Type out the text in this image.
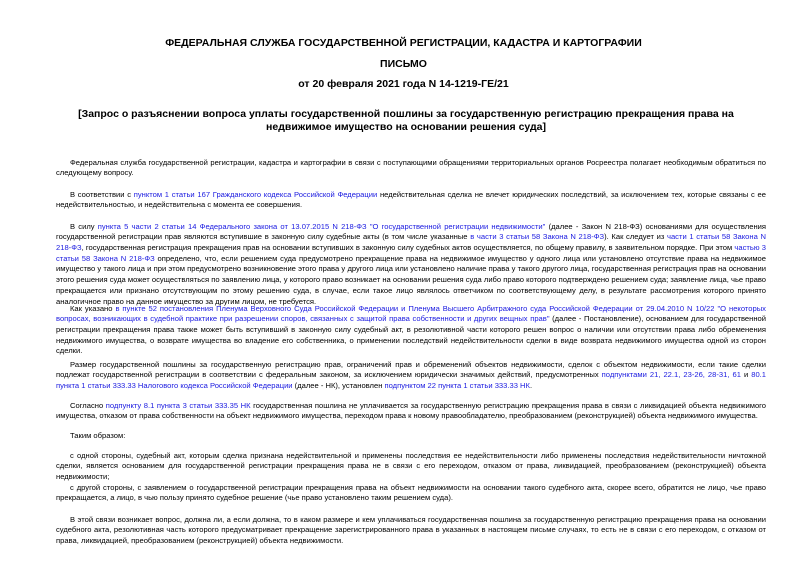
ФЕДЕРАЛЬНАЯ СЛУЖБА ГОСУДАРСТВЕННОЙ РЕГИСТРАЦИИ, КАДАСТРА И КАРТОГРАФИИ
ПИСЬМО
от 20 февраля 2021 года N 14-1219-ГЕ/21
[Запрос о разъяснении вопроса уплаты государственной пошлины за государственную регистрацию прекращения права на недвижимое имущество на основании решения суда]

Федеральная служба государственной регистрации, кадастра и картографии в связи с поступающими обращениями территориальных органов Росреестра полагает необходимым обратиться по следующему вопросу.

В соответствии с пунктом 1 статьи 167 Гражданского кодекса Российской Федерации недействительная сделка не влечет юридических последствий, за исключением тех, которые связаны с ее недействительностью, и недействительна с момента ее совершения.

В силу пункта 5 части 2 статьи 14 Федерального закона от 13.07.2015 N 218-ФЗ "О государственной регистрации недвижимости" (далее - Закон N 218-ФЗ) основаниями для осуществления государственной регистрации прав являются вступившие в законную силу судебные акты (в том числе указанные в части 3 статьи 58 Закона N 218-ФЗ). Как следует из части 1 статьи 58 Закона N 218-ФЗ, государственная регистрация прекращения прав на основании вступивших в законную силу судебных актов осуществляется, по общему правилу, в заявительном порядке. При этом частью 3 статьи 58 Закона N 218-ФЗ определено, что, если решением суда предусмотрено прекращение права на недвижимое имущество у одного лица или установлено отсутствие права на недвижимое имущество у такого лица и при этом предусмотрено возникновение этого права у другого лица или установлено наличие права у такого другого лица, государственная регистрация прав на основании этого решения суда может осуществляться по заявлению лица, у которого право возникает на основании решения суда либо право которого подтверждено решением суда; заявление лица, чье право прекращается или признано отсутствующим по этому решению суда, в случае, если такое лицо являлось ответчиком по соответствующему делу, в результате рассмотрения которого принято аналогичное право на данное имущество за другим лицом, не требуется.

Как указано в пункте 52 постановления Пленума Верховного Суда Российской Федерации и Пленума Высшего Арбитражного суда Российской Федерации от 29.04.2010 N 10/22 "О некоторых вопросах, возникающих в судебной практике при разрешении споров, связанных с защитой права собственности и других вещных прав" (далее - Постановление), основанием для государственной регистрации прекращения права также может быть вступивший в законную силу судебный акт, в резолютивной части которого решен вопрос о наличии или отсутствии права либо обременения недвижимого имущества, о возврате имущества во владение его собственника, о применении последствий недействительности сделки в виде возврата недвижимого имущества одной из сторон сделки.

Размер государственной пошлины за государственную регистрацию прав, ограничений прав и обременений объектов недвижимости, сделок с объектом недвижимости, если такие сделки подлежат государственной регистрации в соответствии с федеральным законом, за исключением юридически значимых действий, предусмотренных подпунктами 21, 22.1, 23-26, 28-31, 61 и 80.1 пункта 1 статьи 333.33 Налогового кодекса Российской Федерации (далее - НК), установлен подпунктом 22 пункта 1 статьи 333.33 НК.

Согласно подпункту 8.1 пункта 3 статьи 333.35 НК государственная пошлина не уплачивается за государственную регистрацию прекращения права в связи с ликвидацией объекта недвижимого имущества, отказом от права собственности на объект недвижимого имущества, переходом права к новому правообладателю, преобразованием (реконструкцией) объекта недвижимого имущества.

Таким образом:

с одной стороны, судебный акт, которым сделка признана недействительной и применены последствия ее недействительности либо применены последствия недействительности ничтожной сделки, является основанием для государственной регистрации прекращения права не в связи с его переходом, отказом от права, ликвидацией, преобразованием (реконструкцией) объекта недвижимости;

с другой стороны, с заявлением о государственной регистрации прекращения права на объект недвижимости на основании такого судебного акта, скорее всего, обратится не лицо, чье право прекращается, а лицо, в чью пользу принято судебное решение (чье право установлено таким решением суда).

В этой связи возникает вопрос, должна ли, а если должна, то в каком размере и кем уплачиваться государственная пошлина за государственную регистрацию прекращения права на основании судебного акта, резолютивная часть которого предусматривает прекращение зарегистрированного права в указанных в настоящем письме случаях, то есть не в связи с его переходом, с отказом от права, ликвидацией, преобразованием (реконструкцией) объекта недвижимости.
